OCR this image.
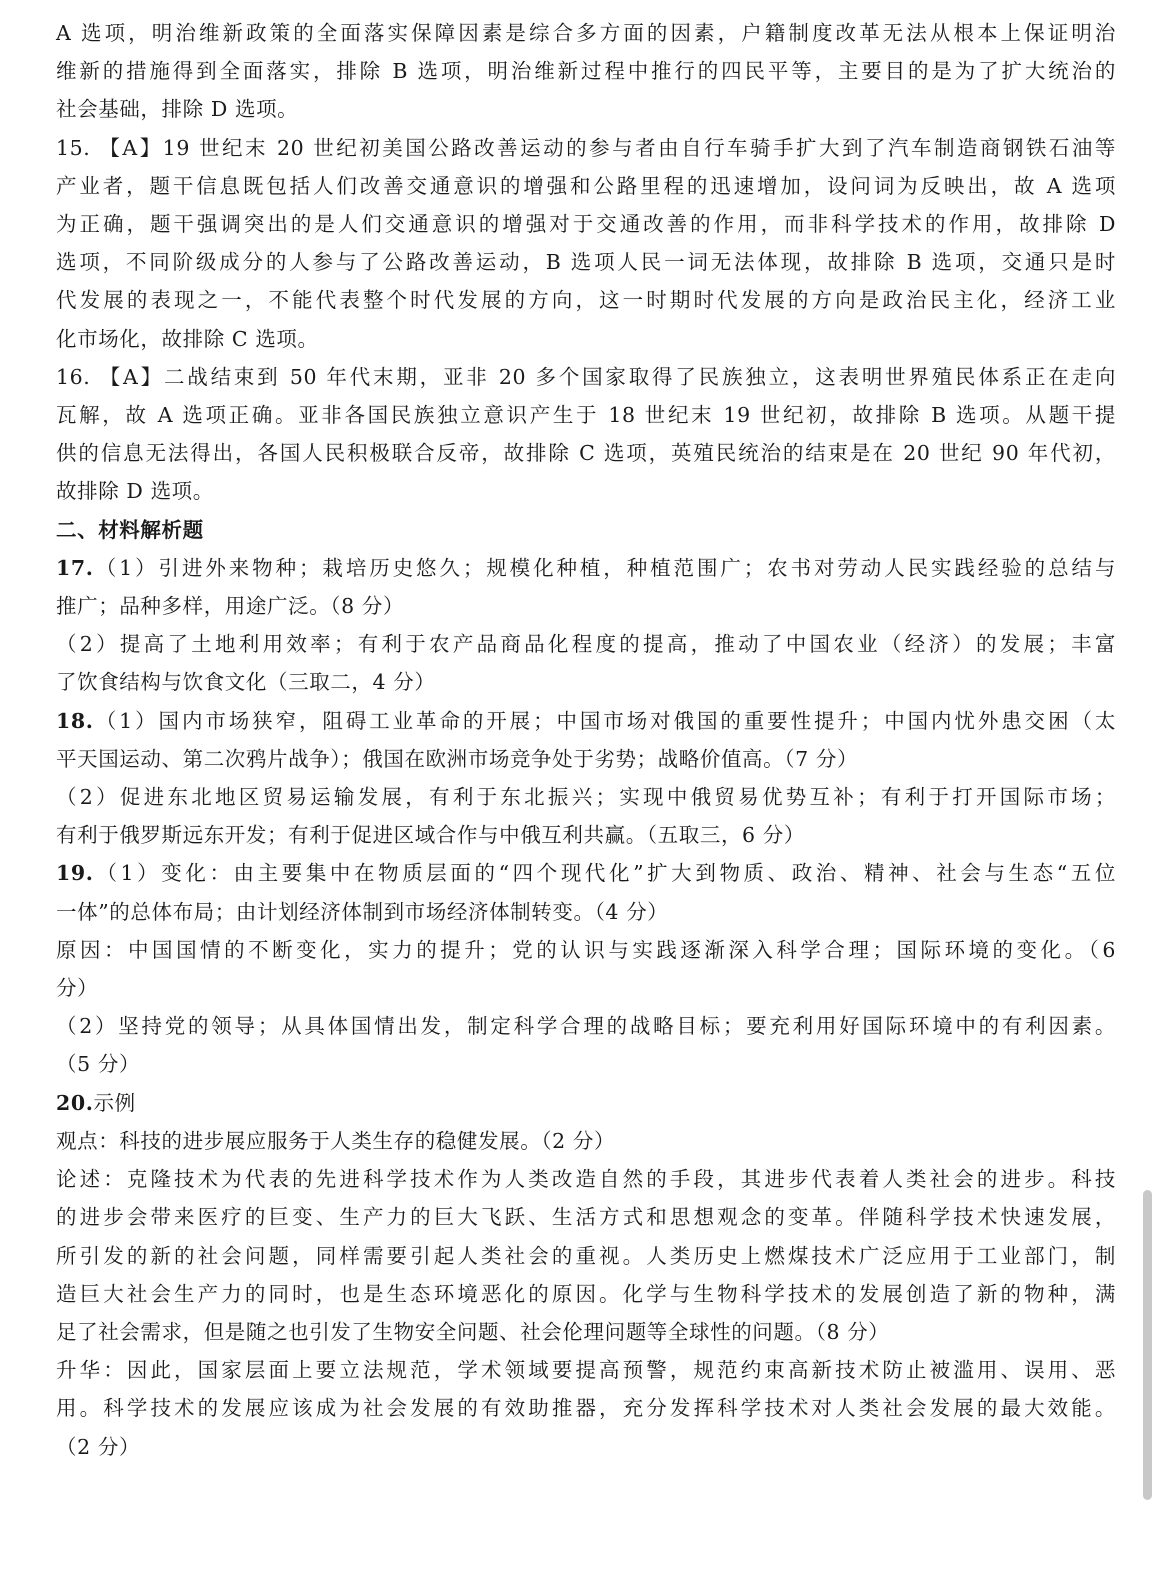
A 选项，明治维新政策的全面落实保障因素是综合多方面的因素，户籍制度改革无法从根本上保证明治
维新的措施得到全面落实，排除 B 选项，明治维新过程中推行的四民平等，主要目的是为了扩大统治的
社会基础，排除 D 选项。
15. 【A】19 世纪末 20 世纪初美国公路改善运动的参与者由自行车骑手扩大到了汽车制造商钢铁石油等
产业者，题干信息既包括人们改善交通意识的增强和公路里程的迅速增加，设问词为反映出，故 A 选项
为正确，题干强调突出的是人们交通意识的增强对于交通改善的作用，而非科学技术的作用，故排除 D
选项，不同阶级成分的人参与了公路改善运动，B 选项人民一词无法体现，故排除 B 选项，交通只是时
代发展的表现之一，不能代表整个时代发展的方向，这一时期时代发展的方向是政治民主化，经济工业
化市场化，故排除 C 选项。
16. 【A】二战结束到 50 年代末期，亚非 20 多个国家取得了民族独立，这表明世界殖民体系正在走向
瓦解，故 A 选项正确。亚非各国民族独立意识产生于 18 世纪末 19 世纪初，故排除 B 选项。从题干提
供的信息无法得出，各国人民积极联合反帝，故排除 C 选项，英殖民统治的结束是在 20 世纪 90 年代初，
故排除 D 选项。
二、材料解析题
17.（1）引进外来物种；栽培历史悠久；规模化种植，种植范围广；农书对劳动人民实践经验的总结与
推广；品种多样，用途广泛。（8 分）
（2）提高了土地利用效率；有利于农产品商品化程度的提高，推动了中国农业（经济）的发展；丰富
了饮食结构与饮食文化（三取二，4 分）
18.（1）国内市场狭窄，阻碍工业革命的开展；中国市场对俄国的重要性提升；中国内忧外患交困（太
平天国运动、第二次鸦片战争）；俄国在欧洲市场竞争处于劣势；战略价值高。（7 分）
（2）促进东北地区贸易运输发展，有利于东北振兴；实现中俄贸易优势互补；有利于打开国际市场；
有利于俄罗斯远东开发；有利于促进区域合作与中俄互利共赢。（五取三，6 分）
19.（1）变化：由主要集中在物质层面的“四个现代化”扩大到物质、政治、精神、社会与生态“五位
一体”的总体布局；由计划经济体制到市场经济体制转变。（4 分）
原因：中国国情的不断变化，实力的提升；党的认识与实践逐渐深入科学合理；国际环境的变化。（6
分）
（2）坚持党的领导；从具体国情出发，制定科学合理的战略目标；要充利用好国际环境中的有利因素。
（5 分）
20.示例
观点：科技的进步展应服务于人类生存的稳健发展。（2 分）
论述：克隆技术为代表的先进科学技术作为人类改造自然的手段，其进步代表着人类社会的进步。科技
的进步会带来医疗的巨变、生产力的巨大飞跃、生活方式和思想观念的变革。伴随科学技术快速发展，
所引发的新的社会问题，同样需要引起人类社会的重视。人类历史上燃煤技术广泛应用于工业部门，制
造巨大社会生产力的同时，也是生态环境恶化的原因。化学与生物科学技术的发展创造了新的物种，满
足了社会需求，但是随之也引发了生物安全问题、社会伦理问题等全球性的问题。（8 分）
升华：因此，国家层面上要立法规范，学术领域要提高预警，规范约束高新技术防止被滥用、误用、恶
用。科学技术的发展应该成为社会发展的有效助推器，充分发挥科学技术对人类社会发展的最大效能。
（2 分）
